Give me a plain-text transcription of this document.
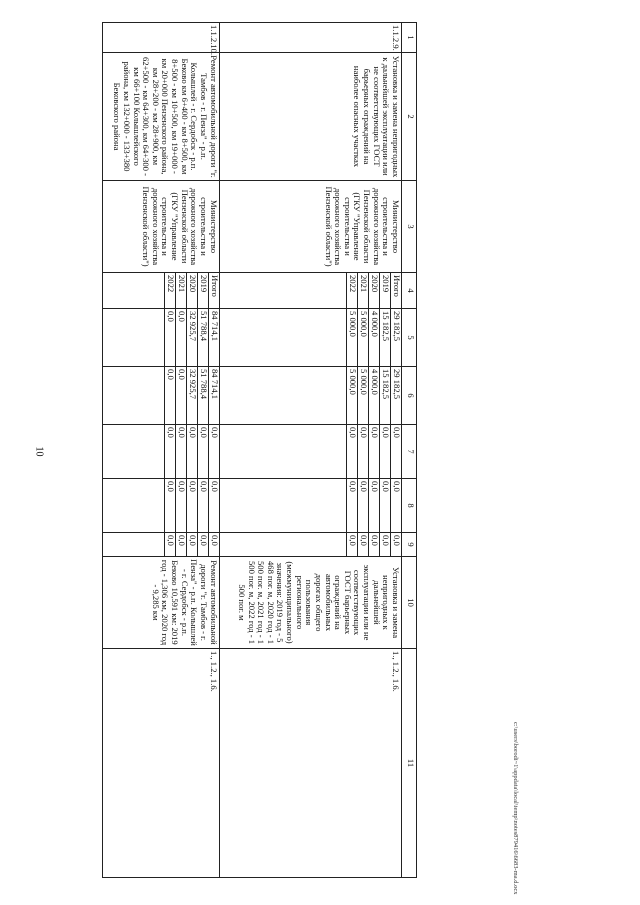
10
1	2	3	4	5	6	7	8	9	10	11
1.1.2.9.	Установка и замена непригодных к дальнейшей эксплуатации или не соответствующих ГОСТ барьерных ограждений на наиболее опасных участках	Министерство строительства и дорожного хозяйства Пензенской области (ГКУ "Управление строительства и дорожного хозяйства Пензенской области")	Итого	29 182,5	29 182,5	0,0	0,0	0,0	Установка и замена непригодных к дальнейшей эксплуатации или не соответствующих ГОСТ барьерных ограждений на автомобильных дорогах общего пользования регионального (межмуниципального) значения: 2019 год - 5 468 пог. м, 2020 год - 1 500 пог. м, 2021 год - 1 500 пог. м, 2022 год - 1 500 пог. м	1., 1.2., 1.6.
			2019	15 182,5	15 182,5	0,0	0,0	0,0		
			2020	4 000,0	4 000,0	0,0	0,0	0,0		
			2021	5 000,0	5 000,0	0,0	0,0	0,0		
			2022	5 000,0	5 000,0	0,0	0,0	0,0		

1.1.2.10.	Ремонт автомобильной дороги "г. Тамбов - г. Пенза" - р.п. Колышлей - г. Сердобск - р.п. Бековo км 6+400 - км 8+500, км 8+500 - км 10+500, км 19+000 - км 20+000 Пензенского района, км 28+200 - км 28+900, км 62+500 - км 64+300, км 64+300 - км 66+100 Колышлейского района, км 132+000 - 133+380 Бековского района	Министерство строительства и дорожного хозяйства Пензенской области (ГКУ "Управление строительства и дорожного хозяйства Пензенской области")	Итого	84 714,1	84 714,1	0,0	0,0	0,0	Ремонт автомобильной дороги "г. Тамбов - г. Пенза" - р.п. Колышлей - г. Сердобск - р.п. Бековo 10,591 км: 2019 год - 1,306 км, 2020 год - 9,285 км	1., 1.2., 1.6.
			2019	51 788,4	51 788,4	0,0	0,0	0,0		
			2020	32 925,7	32 925,7	0,0	0,0	0,0		
			2021	0,0	0,0	0,0	0,0	0,0		
			2022	0,0	0,0	0,0	0,0	0,0		

c:\users\borodi~1\appdata\local\temp\notes879416\6683-ma.d.ocx
